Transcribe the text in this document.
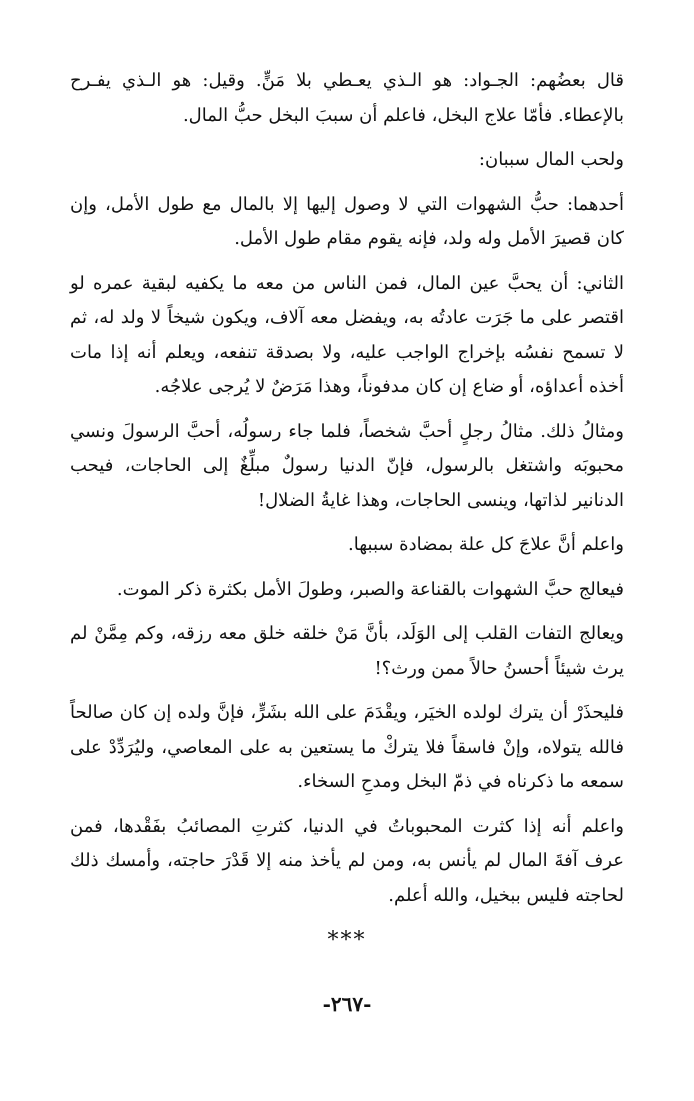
قال بعضُهم: الجـواد: هو الـذي يعـطي بلا مَنٍّ. وقيل: هو الـذي يفـرح بالإعطاء. فأمّا علاج البخل، فاعلم أن سببَ البخل حبُّ المال.

ولحب المال سببان:

أحدهما: حبُّ الشهوات التي لا وصول إليها إلا بالمال مع طول الأمل، وإن كان قصيرَ الأمل وله ولد، فإنه يقوم مقام طول الأمل.

الثاني: أن يحبَّ عين المال، فمن الناس من معه ما يكفيه لبقية عمره لو اقتصر على ما جَرَت عادتُه به، ويفضل معه آلاف، ويكون شيخاً لا ولد له، ثم لا تسمح نفسُه بإخراج الواجب عليه، ولا بصدقة تنفعه، ويعلم أنه إذا مات أخذه أعداؤه، أو ضاع إن كان مدفوناً، وهذا مَرَضٌ لا يُرجى علاجُه.

ومثالُ ذلك. مثالُ رجلٍ أحبَّ شخصاً، فلما جاء رسولُه، أحبَّ الرسولَ ونسي محبوبَه واشتغل بالرسول، فإنّ الدنيا رسولٌ مبلِّغٌ إلى الحاجات، فيحب الدنانير لذاتها، وينسى الحاجات، وهذا غايةُ الضلال!

واعلم أنَّ علاجَ كل علة بمضادة سببها.

فيعالج حبَّ الشهوات بالقناعة والصبر، وطولَ الأمل بكثرة ذكر الموت.

ويعالج التفات القلب إلى الوَلَد، بأنَّ مَنْ خلقه خلق معه رزقه، وكم مِمَّنْ لم يرث شيئاً أحسنُ حالاً ممن ورث؟!

فليحذَرْ أن يترك لولده الخيَر، ويقْدَمَ على الله بشَرٍّ، فإنَّ ولده إن كان صالحاً فالله يتولاه، وإنْ فاسقاً فلا يتركْ ما يستعين به على المعاصي، وليُرَدِّدْ على سمعه ما ذكرناه في ذمّ البخل ومدحِ السخاء.

واعلم أنه إذا كثرت المحبوباتُ في الدنيا، كثرتِ المصائبُ بفَقْدها، فمن عرف آفةَ المال لم يأنس به، ومن لم يأخذ منه إلا قَدْرَ حاجته، وأمسك ذلك لحاجته فليس ببخيل، والله أعلم.

***
-٢٦٧-
